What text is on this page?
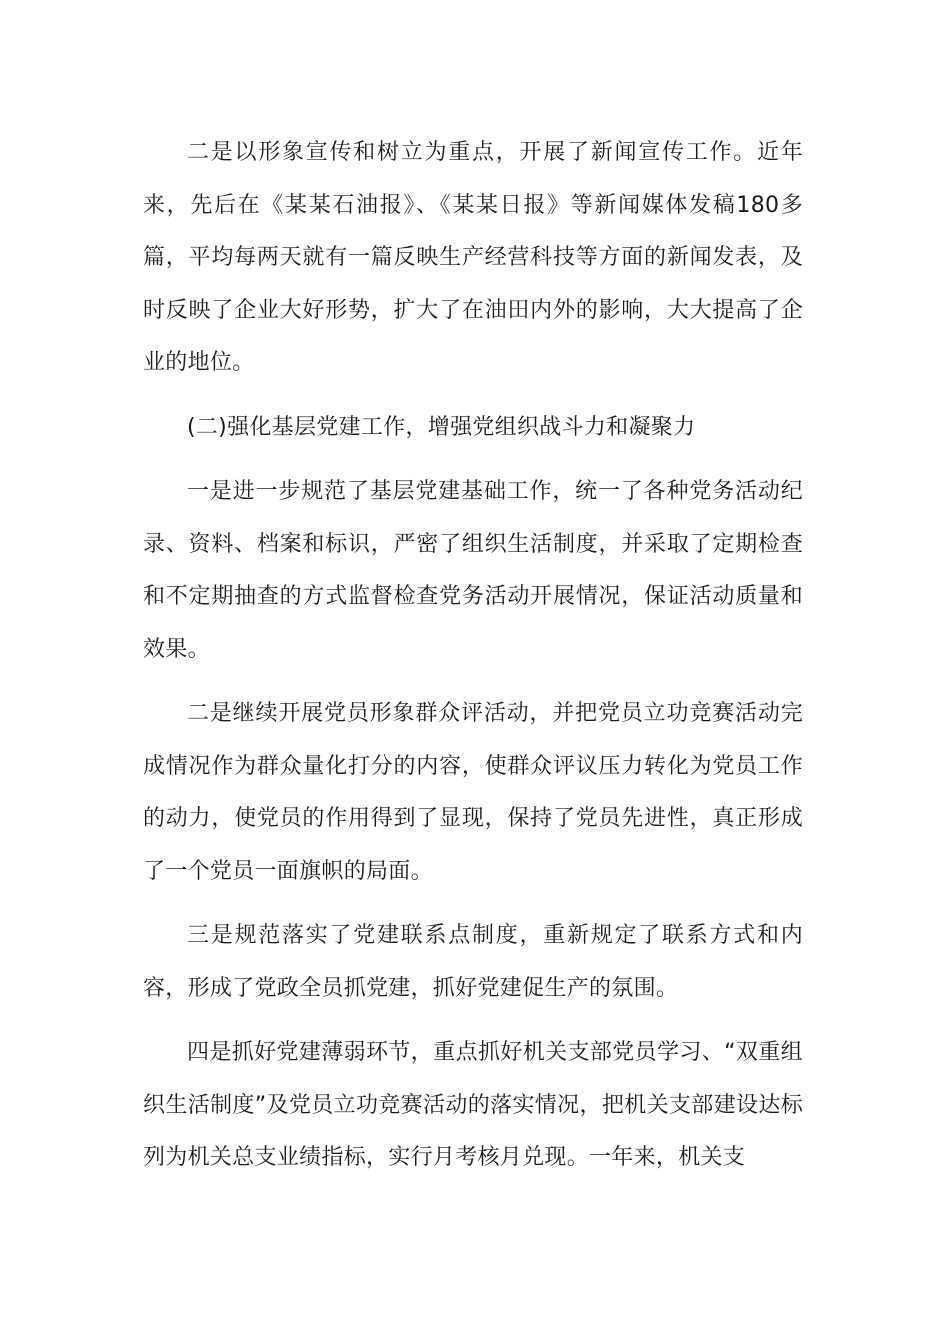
二是以形象宣传和树立为重点，开展了新闻宣传工作。近年来，先后在《某某石油报》、《某某日报》等新闻媒体发稿180多篇，平均每两天就有一篇反映生产经营科技等方面的新闻发表，及时反映了企业大好形势，扩大了在油田内外的影响，大大提高了企业的地位。

(二)强化基层党建工作，增强党组织战斗力和凝聚力

一是进一步规范了基层党建基础工作，统一了各种党务活动纪录、资料、档案和标识，严密了组织生活制度，并采取了定期检查和不定期抽查的方式监督检查党务活动开展情况，保证活动质量和效果。

二是继续开展党员形象群众评活动，并把党员立功竞赛活动完成情况作为群众量化打分的内容，使群众评议压力转化为党员工作的动力，使党员的作用得到了显现，保持了党员先进性，真正形成了一个党员一面旗帜的局面。

三是规范落实了党建联系点制度，重新规定了联系方式和内容，形成了党政全员抓党建，抓好党建促生产的氛围。

四是抓好党建薄弱环节，重点抓好机关支部党员学习、“双重组织生活制度”及党员立功竞赛活动的落实情况，把机关支部建设达标列为机关总支业绩指标，实行月考核月兑现。一年来，机关支
